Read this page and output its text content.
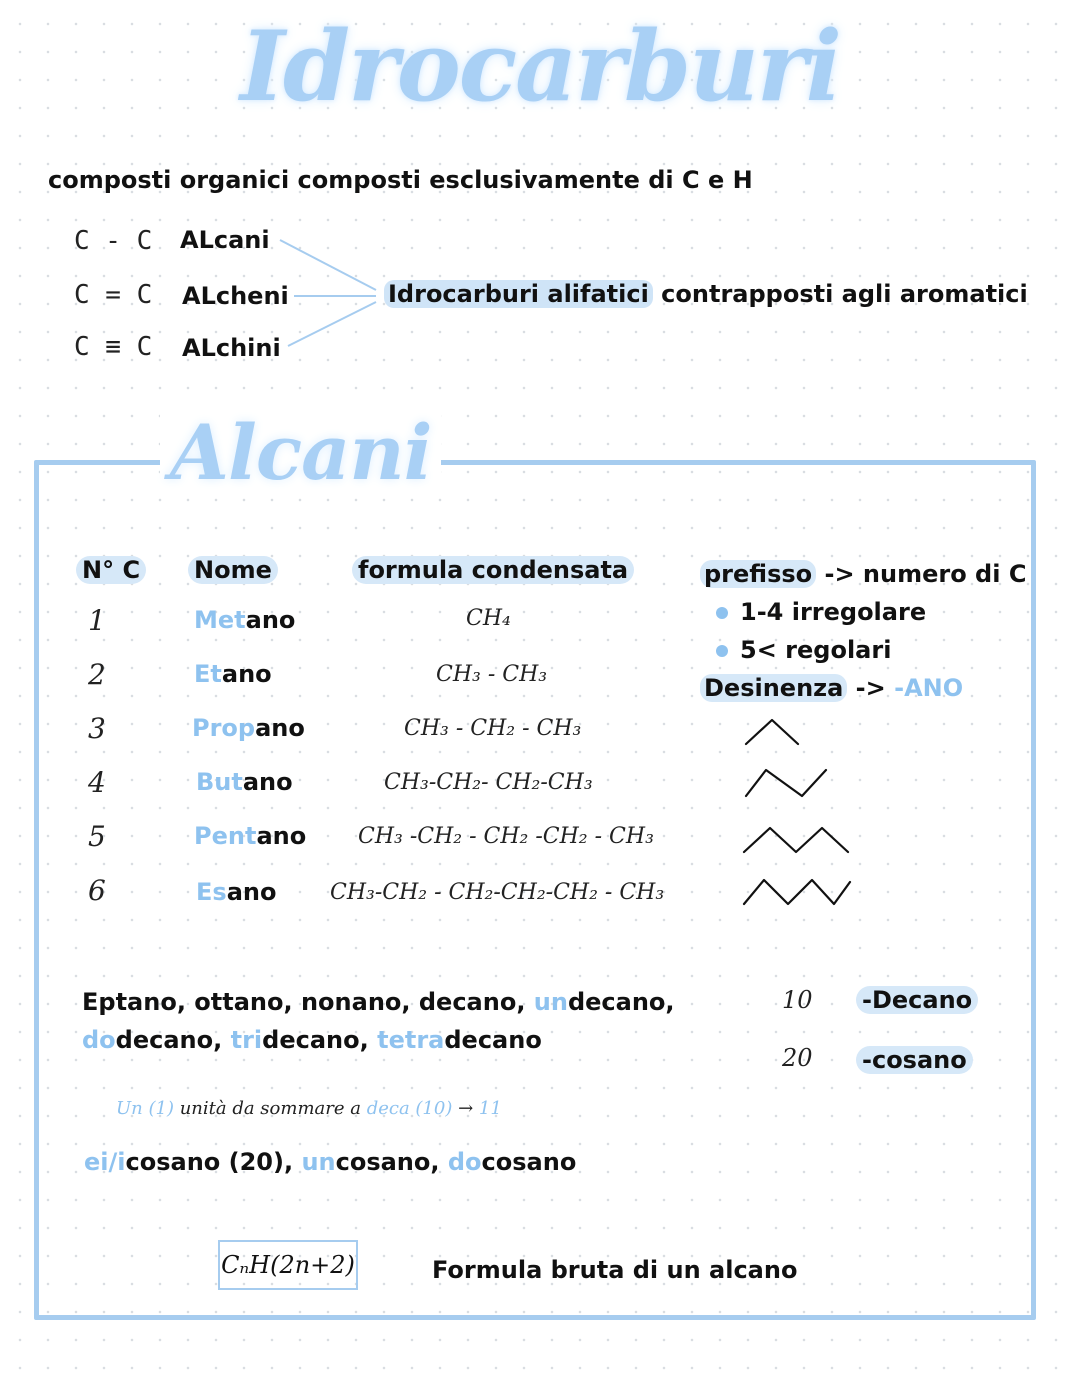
Idrocarburi
composti organici composti esclusivamente di C e H
C - C ALcani
C = C ALcheni
C ≡ C ALchini
Idrocarburi alifatici contrapposti agli aromatici
Alcani
N° C Nome	formula condensata
1	Metano	CH₄
2	Etano	CH₃ - CH₃
3	Propano	CH₃ - CH₂ - CH₃
4	Butano	CH₃-CH₂- CH₂-CH₃
5	Pentano CH₃ -CH₂ - CH₂ -CH₂ - CH₃
6	Esano CH₃-CH₂ - CH₂-CH₂-CH₂ - CH₃
prefisso -> numero di C
1-4 irregolare
5< regolari
Desinenza -> -ANO
Eptano, ottano, nonano, decano, undecano,
dodecano, tridecano, tetradecano
10 -Decano
20 -cosano
Un (1) unità da sommare a deca (10) → 11
ei/icosano (20), uncosano, docosano
CₙH(2n+2)	Formula bruta di un alcano
